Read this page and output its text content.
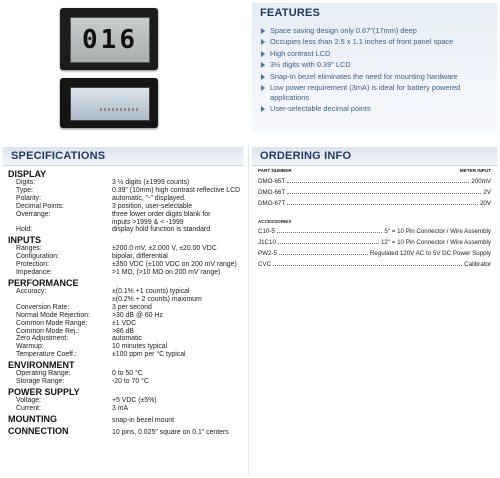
016
FEATURES
Space saving design only 0.67"(17mm) deep
Occupies less than 2.5 x 1.1 inches of front panel space
High contrast LCD
3½ digits with 0.39" LCD
Snap-In bezel eliminates the need for mounting hardware
Low power requirement (3mA) is ideal for battery powered applications
User-selectable decimal points
SPECIFICATIONS	ORDERING INFO
DISPLAY
Digits:	3 ½ digits (±1999 counts)
Type:	0.39" (10mm) high contrast reflective LCD
Polarity:	automatic, "-" displayed.
Decimal Points:	3 position, user-selectable
Overrange:	three lower order digits blank for
inputs >1999 & < -1999
Hold:	display hold function is standard
INPUTS
Ranges:	±200.0 mV, ±2.000 V, ±20.00 VDC
Configuration:	bipolar, differential
Protection:	±350 VDC (±100 VDC on 200 mV range)
Impedance:	>1 MΩ, (>10 MΩ on 200 mV range)
PERFORMANCE
Accuracy:	±(0.1% +1 counts) typical
±(0.2% + 2 counts) maximum
Conversion Rate:	3 per second
Normal Mode Rejection:	>30 dB @ 60 Hz
Common Mode Range:	±1 VDC
Common Mode Rej.:	>86 dB
Zero Adjustment:	automatic
Warmup:	10 minutes typical
Temperature Coeff.:	±100 ppm per °C typical
ENVIRONMENT
Operating Range:	0 to 50 °C
Storage Range:	-20 to 70 °C
POWER SUPPLY
Voltage:	+5 VDC (±5%)
Current:	3 mA
MOUNTING	snap-in bezel mount
CONNECTION	10 pins, 0.025" square on 0.1" centers
PART NUMBER	METER INPUT
DMO-65T	200mV
DMO-66T	2V
DMO-67T	20V
ACCESSORIES
C10-5	5" = 10 Pin Connector / Wire Assembly
J1C10	12" = 10 Pin Connector / Wire Assembly
PW2-5	Regulated 120V AC to 5V DC Power Supply
CVC	Calibrator
